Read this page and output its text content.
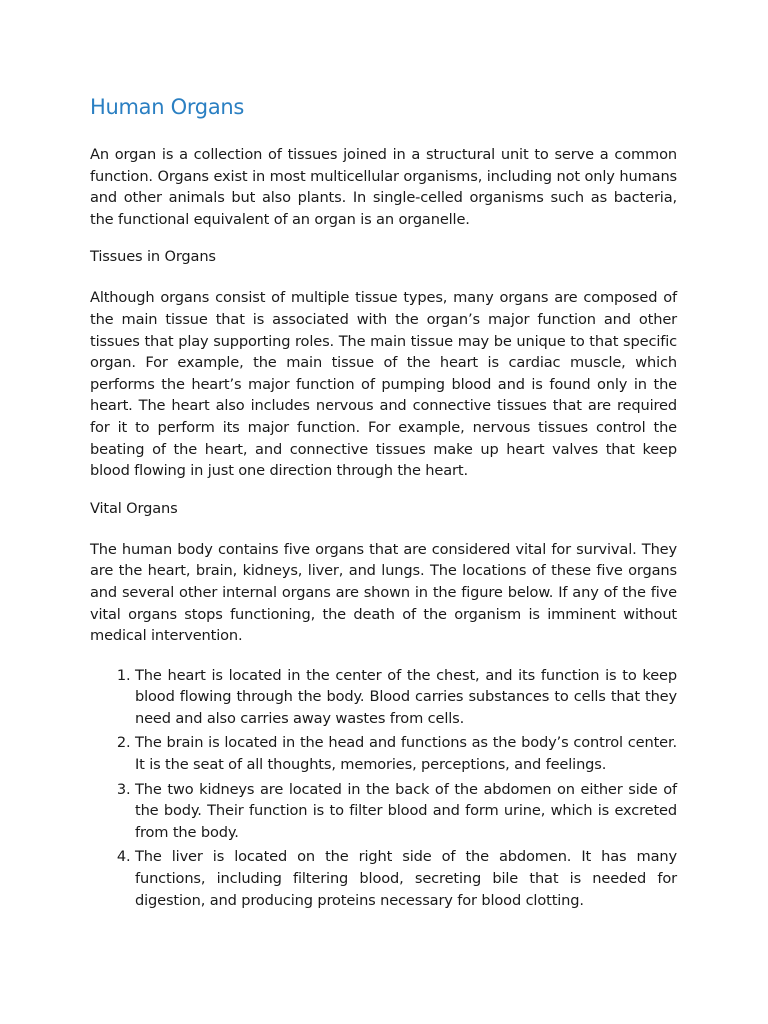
Human Organs

An organ is a collection of tissues joined in a structural unit to serve a common function. Organs exist in most multicellular organisms, including not only humans and other animals but also plants. In single-celled organisms such as bacteria, the functional equivalent of an organ is an organelle.

Tissues in Organs

Although organs consist of multiple tissue types, many organs are composed of the main tissue that is associated with the organ’s major function and other tissues that play supporting roles. The main tissue may be unique to that specific organ. For example, the main tissue of the heart is cardiac muscle, which performs the heart’s major function of pumping blood and is found only in the heart. The heart also includes nervous and connective tissues that are required for it to perform its major function. For example, nervous tissues control the beating of the heart, and connective tissues make up heart valves that keep blood flowing in just one direction through the heart.

Vital Organs

The human body contains five organs that are considered vital for survival. They are the heart, brain, kidneys, liver, and lungs. The locations of these five organs and several other internal organs are shown in the figure below. If any of the five vital organs stops functioning, the death of the organism is imminent without medical intervention.

1. The heart is located in the center of the chest, and its function is to keep blood flowing through the body. Blood carries substances to cells that they need and also carries away wastes from cells.
2. The brain is located in the head and functions as the body’s control center. It is the seat of all thoughts, memories, perceptions, and feelings.
3. The two kidneys are located in the back of the abdomen on either side of the body. Their function is to filter blood and form urine, which is excreted from the body.
4. The liver is located on the right side of the abdomen. It has many functions, including filtering blood, secreting bile that is needed for digestion, and producing proteins necessary for blood clotting.
